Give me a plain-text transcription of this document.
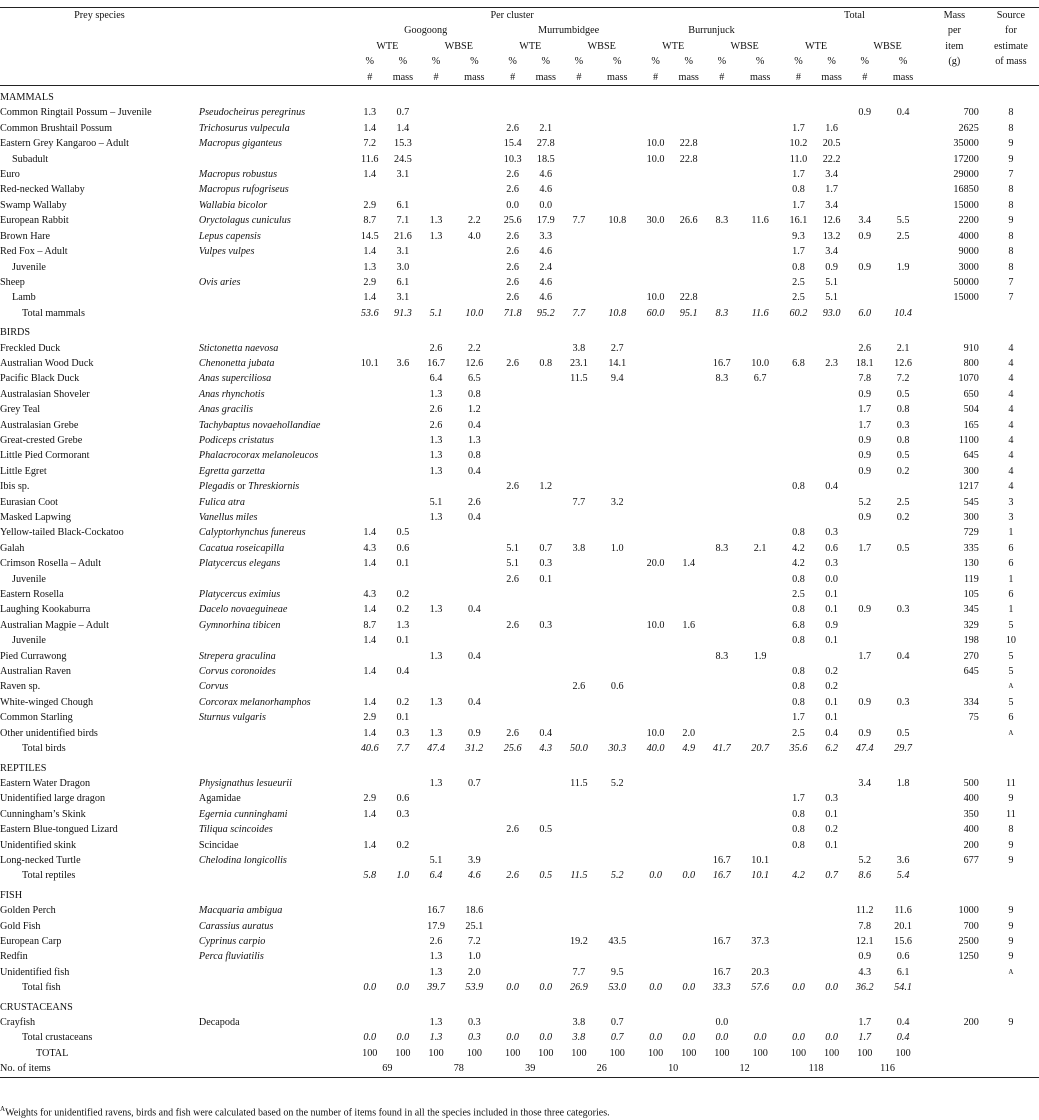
Prey species		Per cluster												Total				Mass	Source
		Googoong				Murrumbidgee				Burrunjuck								per	for
		WTE		WBSE		WTE		WBSE		WTE		WBSE		WTE		WBSE		item	estimate
		%	%	%	%	%	%	%	%	%	%	%	%	%	%	%	%	(g)	of mass
		#	mass	#	mass	#	mass	#	mass	#	mass	#	mass	#	mass	#	mass		
MAMMALS																			
Common Ringtail Possum – Juvenile	Pseudocheirus peregrinus	1.3	0.7													0.9	0.4	700	8
Common Brushtail Possum	Trichosurus vulpecula	1.4	1.4			2.6	2.1							1.7	1.6			2625	8
Eastern Grey Kangaroo – Adult	Macropus giganteus	7.2	15.3			15.4	27.8			10.0	22.8			10.2	20.5			35000	9
Subadult		11.6	24.5			10.3	18.5			10.0	22.8			11.0	22.2			17200	9
Euro	Macropus robustus	1.4	3.1			2.6	4.6							1.7	3.4			29000	7
Red-necked Wallaby	Macropus rufogriseus					2.6	4.6							0.8	1.7			16850	8
Swamp Wallaby	Wallabia bicolor	2.9	6.1			0.0	0.0							1.7	3.4			15000	8
European Rabbit	Oryctolagus cuniculus	8.7	7.1	1.3	2.2	25.6	17.9	7.7	10.8	30.0	26.6	8.3	11.6	16.1	12.6	3.4	5.5	2200	9
Brown Hare	Lepus capensis	14.5	21.6	1.3	4.0	2.6	3.3							9.3	13.2	0.9	2.5	4000	8
Red Fox – Adult	Vulpes vulpes	1.4	3.1			2.6	4.6							1.7	3.4			9000	8
Juvenile		1.3	3.0			2.6	2.4							0.8	0.9	0.9	1.9	3000	8
Sheep	Ovis aries	2.9	6.1			2.6	4.6							2.5	5.1			50000	7
Lamb		1.4	3.1			2.6	4.6			10.0	22.8			2.5	5.1			15000	7
Total mammals		53.6	91.3	5.1	10.0	71.8	95.2	7.7	10.8	60.0	95.1	8.3	11.6	60.2	93.0	6.0	10.4		
BIRDS																			
Freckled Duck	Stictonetta naevosa			2.6	2.2			3.8	2.7							2.6	2.1	910	4
Australian Wood Duck	Chenonetta jubata	10.1	3.6	16.7	12.6	2.6	0.8	23.1	14.1			16.7	10.0	6.8	2.3	18.1	12.6	800	4
Pacific Black Duck	Anas superciliosa			6.4	6.5			11.5	9.4			8.3	6.7			7.8	7.2	1070	4
Australasian Shoveler	Anas rhynchotis			1.3	0.8											0.9	0.5	650	4
Grey Teal	Anas gracilis			2.6	1.2											1.7	0.8	504	4
Australasian Grebe	Tachybaptus novaehollandiae			2.6	0.4											1.7	0.3	165	4
Great-crested Grebe	Podiceps cristatus			1.3	1.3											0.9	0.8	1100	4
Little Pied Cormorant	Phalacrocorax melanoleucos			1.3	0.8											0.9	0.5	645	4
Little Egret	Egretta garzetta			1.3	0.4											0.9	0.2	300	4
Ibis sp.	Plegadis or Threskiornis					2.6	1.2							0.8	0.4			1217	4
Eurasian Coot	Fulica atra			5.1	2.6			7.7	3.2							5.2	2.5	545	3
Masked Lapwing	Vanellus miles			1.3	0.4											0.9	0.2	300	3
Yellow-tailed Black-Cockatoo	Calyptorhynchus funereus	1.4	0.5											0.8	0.3			729	1
Galah	Cacatua roseicapilla	4.3	0.6			5.1	0.7	3.8	1.0			8.3	2.1	4.2	0.6	1.7	0.5	335	6
Crimson Rosella – Adult	Platycercus elegans	1.4	0.1			5.1	0.3			20.0	1.4			4.2	0.3			130	6
Juvenile						2.6	0.1							0.8	0.0			119	1
Eastern Rosella	Platycercus eximius	4.3	0.2											2.5	0.1			105	6
Laughing Kookaburra	Dacelo novaeguineae	1.4	0.2	1.3	0.4									0.8	0.1	0.9	0.3	345	1
Australian Magpie – Adult	Gymnorhina tibicen	8.7	1.3			2.6	0.3			10.0	1.6			6.8	0.9			329	5
Juvenile		1.4	0.1											0.8	0.1			198	10
Pied Currawong	Strepera graculina			1.3	0.4							8.3	1.9			1.7	0.4	270	5
Australian Raven	Corvus coronoides	1.4	0.4											0.8	0.2			645	5
Raven sp.	Corvus							2.6	0.6					0.8	0.2				A
White-winged Chough	Corcorax melanorhamphos	1.4	0.2	1.3	0.4									0.8	0.1	0.9	0.3	334	5
Common Starling	Sturnus vulgaris	2.9	0.1											1.7	0.1			75	6
Other unidentified birds		1.4	0.3	1.3	0.9	2.6	0.4			10.0	2.0			2.5	0.4	0.9	0.5		A
Total birds		40.6	7.7	47.4	31.2	25.6	4.3	50.0	30.3	40.0	4.9	41.7	20.7	35.6	6.2	47.4	29.7		
REPTILES																			
Eastern Water Dragon	Physignathus lesueurii			1.3	0.7			11.5	5.2							3.4	1.8	500	11
Unidentified large dragon	Agamidae	2.9	0.6											1.7	0.3			400	9
Cunningham’s Skink	Egernia cunninghami	1.4	0.3											0.8	0.1			350	11
Eastern Blue-tongued Lizard	Tiliqua scincoides					2.6	0.5							0.8	0.2			400	8
Unidentified skink	Scincidae	1.4	0.2											0.8	0.1			200	9
Long-necked Turtle	Chelodina longicollis			5.1	3.9							16.7	10.1			5.2	3.6	677	9
Total reptiles		5.8	1.0	6.4	4.6	2.6	0.5	11.5	5.2	0.0	0.0	16.7	10.1	4.2	0.7	8.6	5.4		
FISH																			
Golden Perch	Macquaria ambigua			16.7	18.6											11.2	11.6	1000	9
Gold Fish	Carassius auratus			17.9	25.1											7.8	20.1	700	9
European Carp	Cyprinus carpio			2.6	7.2			19.2	43.5			16.7	37.3			12.1	15.6	2500	9
Redfin	Perca fluviatilis			1.3	1.0											0.9	0.6	1250	9
Unidentified fish				1.3	2.0			7.7	9.5			16.7	20.3			4.3	6.1		A
Total fish		0.0	0.0	39.7	53.9	0.0	0.0	26.9	53.0	0.0	0.0	33.3	57.6	0.0	0.0	36.2	54.1		
CRUSTACEANS																			
Crayfish	Decapoda			1.3	0.3			3.8	0.7			0.0				1.7	0.4	200	9
Total crustaceans		0.0	0.0	1.3	0.3	0.0	0.0	3.8	0.7	0.0	0.0	0.0	0.0	0.0	0.0	1.7	0.4		
TOTAL		100	100	100	100	100	100	100	100	100	100	100	100	100	100	100	100		
No. of items		69		78		39		26		10		12		118		116			
$^A$Weights for unidentified ravens, birds and fish were calculated based on the number of items found in all the species included in those three categories.
